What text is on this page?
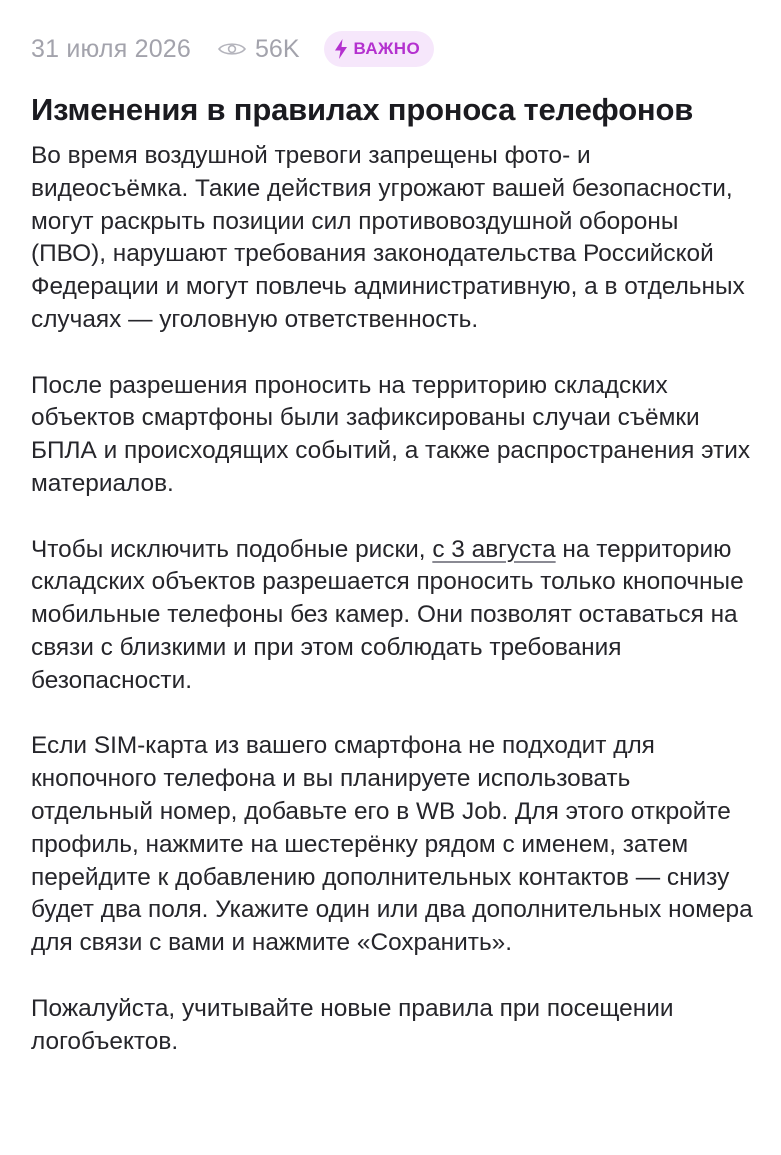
31 июля 2026	56K	ВАЖНО
Изменения в правилах проноса телефонов

Во время воздушной тревоги запрещены фото- и видеосъёмка. Такие действия угрожают вашей безопасности, могут раскрыть позиции сил противовоздушной обороны (ПВО), нарушают требования законодательства Российской Федерации и могут повлечь административную, а в отдельных случаях — уголовную ответственность.

После разрешения проносить на территорию складских объектов смартфоны были зафиксированы случаи съёмки БПЛА и происходящих событий, а также распространения этих материалов.

Чтобы исключить подобные риски, с 3 августа на территорию складских объектов разрешается проносить только кнопочные мобильные телефоны без камер. Они позволят оставаться на связи с близкими и при этом соблюдать требования безопасности.

Если SIM-карта из вашего смартфона не подходит для кнопочного телефона и вы планируете использовать отдельный номер, добавьте его в WB Job. Для этого откройте профиль, нажмите на шестерёнку рядом с именем, затем перейдите к добавлению дополнительных контактов — снизу будет два поля. Укажите один или два дополнительных номера для связи с вами и нажмите «Сохранить».

Пожалуйста, учитывайте новые правила при посещении логобъектов.
